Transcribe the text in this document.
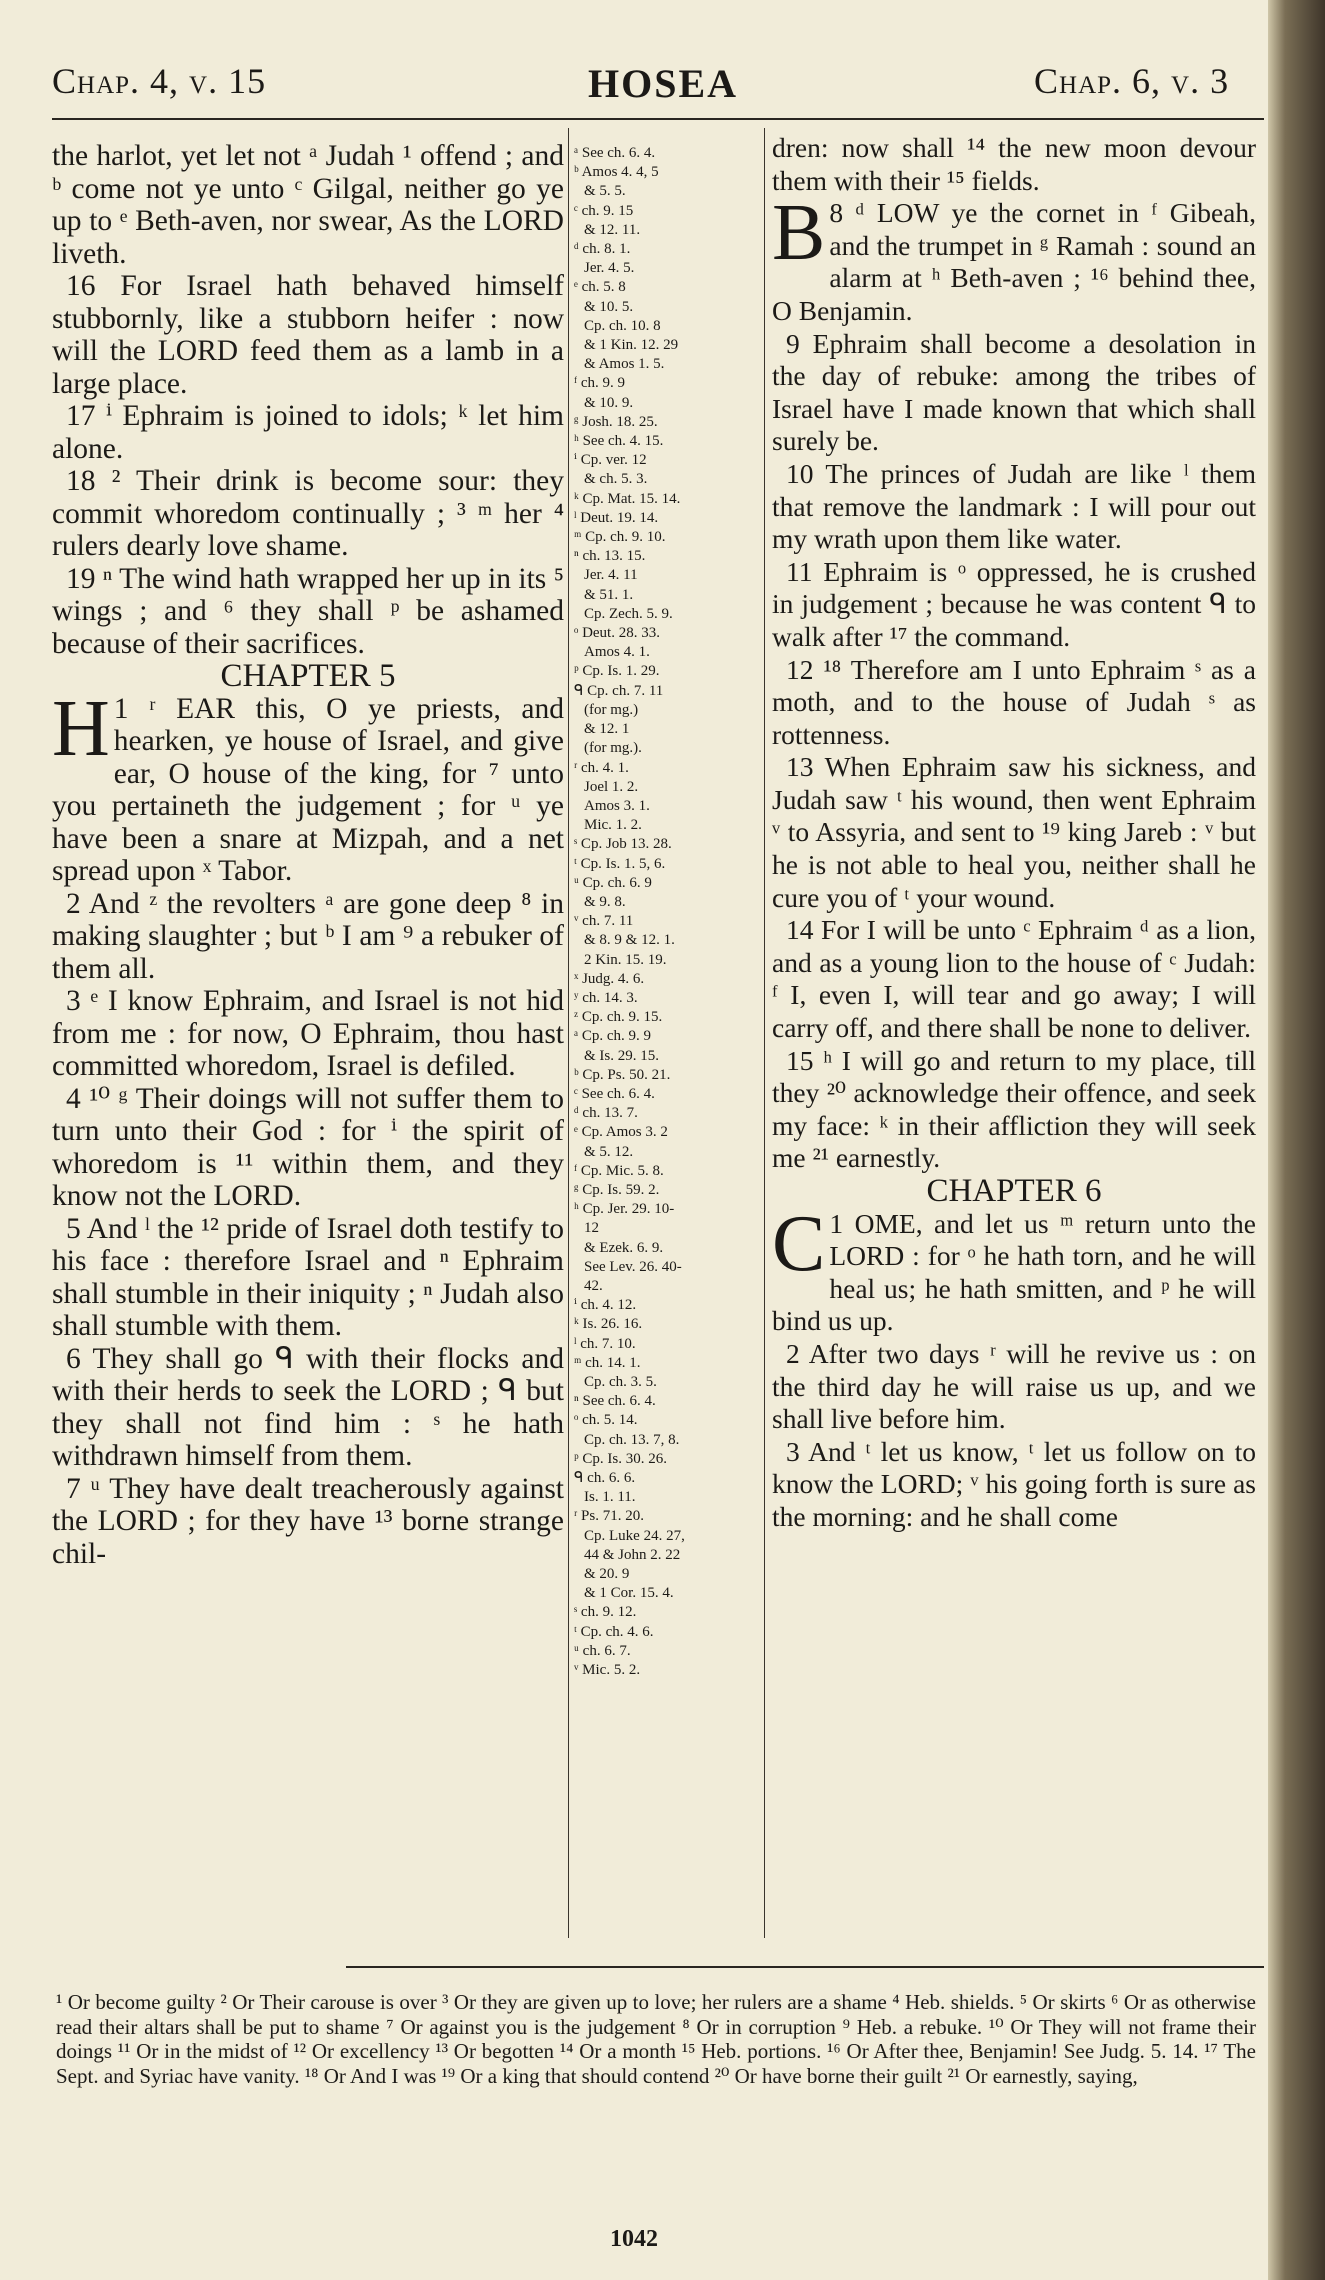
Chap. 4, v. 15	HOSEA	Chap. 6, v. 3

the harlot, yet let not ᵃ Judah ¹ offend ; and ᵇ come not ye unto ᶜ Gilgal, neither go ye up to ᵉ Beth-aven, nor swear, As the LORD liveth.

16 For Israel hath behaved himself stubbornly, like a stubborn heifer : now will the LORD feed them as a lamb in a large place.

17 ⁱ Ephraim is joined to idols; ᵏ let him alone.

18 ² Their drink is become sour: they commit whoredom continually ; ³ ᵐ her ⁴ rulers dearly love shame.

19 ⁿ The wind hath wrapped her up in its ⁵ wings ; and ⁶ they shall ᵖ be ashamed because of their sacrifices.

CHAPTER 5

1 ʳ
H EAR this, O ye priests, and hearken, ye house of Israel, and give ear, O house of the king, for ⁷ unto you pertaineth the judgement ; for ᵘ ye have been a snare at Mizpah, and a net spread upon ˣ Tabor.

2 And ᶻ the revolters ᵃ are gone deep ⁸ in making slaughter ; but ᵇ I am ⁹ a rebuker of them all.

3 ᵉ I know Ephraim, and Israel is not hid from me : for now, O Ephraim, thou hast committed whoredom, Israel is defiled.

4 ¹⁰ ᵍ Their doings will not suffer them to turn unto their God : for ⁱ the spirit of whoredom is ¹¹ within them, and they know not the LORD.

5 And ˡ the ¹² pride of Israel doth testify to his face : therefore Israel and ⁿ Ephraim shall stumble in their iniquity ; ⁿ Judah also shall stumble with them.

6 They shall go ᑫ with their flocks and with their herds to seek the LORD ; ᑫ but they shall not find him : ˢ he hath withdrawn himself from them.

7 ᵘ They have dealt treacherously against the LORD ; for they have ¹³ borne strange chil-

ᵃ See ch. 6. 4.

ᵇ Amos 4. 4, 5

& 5. 5.

ᶜ ch. 9. 15

& 12. 11.

ᵈ ch. 8. 1.

Jer. 4. 5.

ᵉ ch. 5. 8

& 10. 5.

Cp. ch. 10. 8

& 1 Kin. 12. 29

& Amos 1. 5.

ᶠ ch. 9. 9

& 10. 9.

ᵍ Josh. 18. 25.

ʰ See ch. 4. 15.

ⁱ Cp. ver. 12

& ch. 5. 3.

ᵏ Cp. Mat. 15. 14.

ˡ Deut. 19. 14.

ᵐ Cp. ch. 9. 10.

ⁿ ch. 13. 15.

Jer. 4. 11

& 51. 1.

Cp. Zech. 5. 9.

ᵒ Deut. 28. 33.

Amos 4. 1.

ᵖ Cp. Is. 1. 29.

ᑫ Cp. ch. 7. 11

(for mg.)

& 12. 1

(for mg.).

ʳ ch. 4. 1.

Joel 1. 2.

Amos 3. 1.

Mic. 1. 2.

ˢ Cp. Job 13. 28.

ᵗ Cp. Is. 1. 5, 6.

ᵘ Cp. ch. 6. 9

& 9. 8.

ᵛ ch. 7. 11

& 8. 9 & 12. 1.

2 Kin. 15. 19.

ˣ Judg. 4. 6.

ʸ ch. 14. 3.

ᶻ Cp. ch. 9. 15.

ᵃ Cp. ch. 9. 9

& Is. 29. 15.

ᵇ Cp. Ps. 50. 21.

ᶜ See ch. 6. 4.

ᵈ ch. 13. 7.

ᵉ Cp. Amos 3. 2

& 5. 12.

ᶠ Cp. Mic. 5. 8.

ᵍ Cp. Is. 59. 2.

ʰ Cp. Jer. 29. 10-

12

& Ezek. 6. 9.

See Lev. 26. 40-

42.

ⁱ ch. 4. 12.

ᵏ Is. 26. 16.

ˡ ch. 7. 10.

ᵐ ch. 14. 1.

Cp. ch. 3. 5.

ⁿ See ch. 6. 4.

ᵒ ch. 5. 14.

Cp. ch. 13. 7, 8.

ᵖ Cp. Is. 30. 26.

ᑫ ch. 6. 6.

Is. 1. 11.

ʳ Ps. 71. 20.

Cp. Luke 24. 27,

44 & John 2. 22

& 20. 9

& 1 Cor. 15. 4.

ˢ ch. 9. 12.

ᵗ Cp. ch. 4. 6.

ᵘ ch. 6. 7.

ᵛ Mic. 5. 2.

dren: now shall ¹⁴ the new moon devour them with their ¹⁵ fields.

8 ᵈ
B LOW ye the cornet in ᶠ Gibeah, and the trumpet in ᵍ Ramah : sound an alarm at ʰ Beth-aven ; ¹⁶ behind thee, O Benjamin.

9 Ephraim shall become a desolation in the day of rebuke: among the tribes of Israel have I made known that which shall surely be.

10 The princes of Judah are like ˡ them that remove the landmark : I will pour out my wrath upon them like water.

11 Ephraim is ᵒ oppressed, he is crushed in judgement ; because he was content ᑫ to walk after ¹⁷ the command.

12 ¹⁸ Therefore am I unto Ephraim ˢ as a moth, and to the house of Judah ˢ as rottenness.

13 When Ephraim saw his sickness, and Judah saw ᵗ his wound, then went Ephraim ᵛ to Assyria, and sent to ¹⁹ king Jareb : ᵛ but he is not able to heal you, neither shall he cure you of ᵗ your wound.

14 For I will be unto ᶜ Ephraim ᵈ as a lion, and as a young lion to the house of ᶜ Judah: ᶠ I, even I, will tear and go away; I will carry off, and there shall be none to deliver.

15 ʰ I will go and return to my place, till they ²⁰ acknowledge their offence, and seek my face: ᵏ in their affliction they will seek me ²¹ earnestly.

CHAPTER 6

1
C OME, and let us ᵐ return unto the LORD : for ᵒ he hath torn, and he will heal us; he hath smitten, and ᵖ he will bind us up.

2 After two days ʳ will he revive us : on the third day he will raise us up, and we shall live before him.

3 And ᵗ let us know, ᵗ let us follow on to know the LORD; ᵛ his going forth is sure as the morning: and he shall come

¹ Or become guilty ² Or Their carouse is over ³ Or they are given up to love; her rulers are a shame ⁴ Heb. shields. ⁵ Or skirts ⁶ Or as otherwise read their altars shall be put to shame ⁷ Or against you is the judgement ⁸ Or in corruption ⁹ Heb. a rebuke. ¹⁰ Or They will not frame their doings ¹¹ Or in the midst of ¹² Or excellency ¹³ Or begotten ¹⁴ Or a month ¹⁵ Heb. portions. ¹⁶ Or After thee, Benjamin! See Judg. 5. 14. ¹⁷ The Sept. and Syriac have vanity. ¹⁸ Or And I was ¹⁹ Or a king that should contend ²⁰ Or have borne their guilt ²¹ Or earnestly, saying,

1042
